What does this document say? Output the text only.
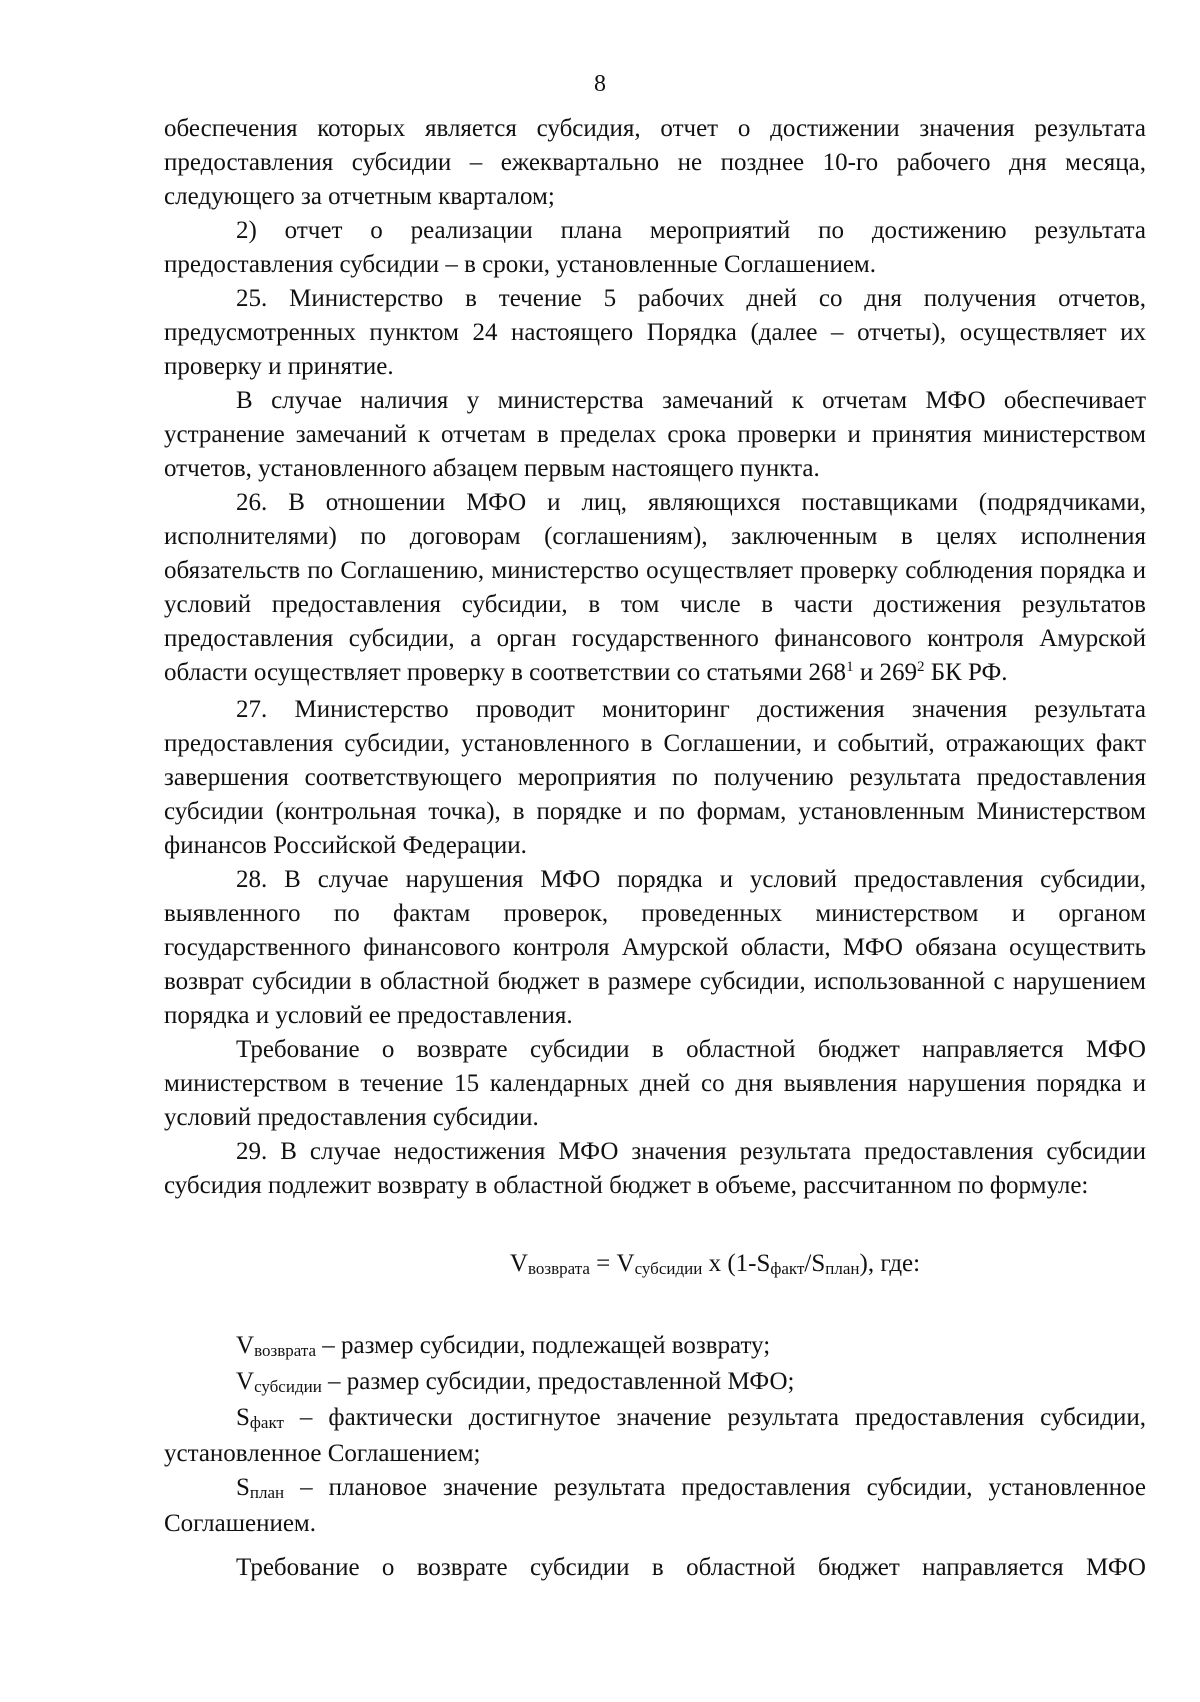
8

обеспечения которых является субсидия, отчет о достижении значения результата предоставления субсидии – ежеквартально не позднее 10-го рабочего дня месяца, следующего за отчетным кварталом;

2) отчет о реализации плана мероприятий по достижению результата предоставления субсидии – в сроки, установленные Соглашением.

25. Министерство в течение 5 рабочих дней со дня получения отчетов, предусмотренных пунктом 24 настоящего Порядка (далее – отчеты), осуществляет их проверку и принятие.

В случае наличия у министерства замечаний к отчетам МФО обеспечивает устранение замечаний к отчетам в пределах срока проверки и принятия министерством отчетов, установленного абзацем первым настоящего пункта.

26. В отношении МФО и лиц, являющихся поставщиками (подрядчиками, исполнителями) по договорам (соглашениям), заключенным в целях исполнения обязательств по Соглашению, министерство осуществляет проверку соблюдения порядка и условий предоставления субсидии, в том числе в части достижения результатов предоставления субсидии, а орган государственного финансового контроля Амурской области осуществляет проверку в соответствии со статьями $268^1$ и $269^2$ БК РФ.

27. Министерство проводит мониторинг достижения значения результата предоставления субсидии, установленного в Соглашении, и событий, отражающих факт завершения соответствующего мероприятия по получению результата предоставления субсидии (контрольная точка), в порядке и по формам, установленным Министерством финансов Российской Федерации.

28. В случае нарушения МФО порядка и условий предоставления субсидии, выявленного по фактам проверок, проведенных министерством и органом государственного финансового контроля Амурской области, МФО обязана осуществить возврат субсидии в областной бюджет в размере субсидии, использованной с нарушением порядка и условий ее предоставления.

Требование о возврате субсидии в областной бюджет направляется МФО министерством в течение 15 календарных дней со дня выявления нарушения порядка и условий предоставления субсидии.

29. В случае недостижения МФО значения результата предоставления субсидии субсидия подлежит возврату в областной бюджет в объеме, рассчитанном по формуле:

$V_{возврата} = V_{субсидии}$ x $(1-S_{факт}/S_{план})$, где:

$V_{возврата}$ – размер субсидии, подлежащей возврату;

$V_{субсидии}$ – размер субсидии, предоставленной МФО;

$S_{факт}$ – фактически достигнутое значение результата предоставления субсидии, установленное Соглашением;

$S_{план}$ – плановое значение результата предоставления субсидии, установленное Соглашением.

Требование о возврате субсидии в областной бюджет направляется МФО
